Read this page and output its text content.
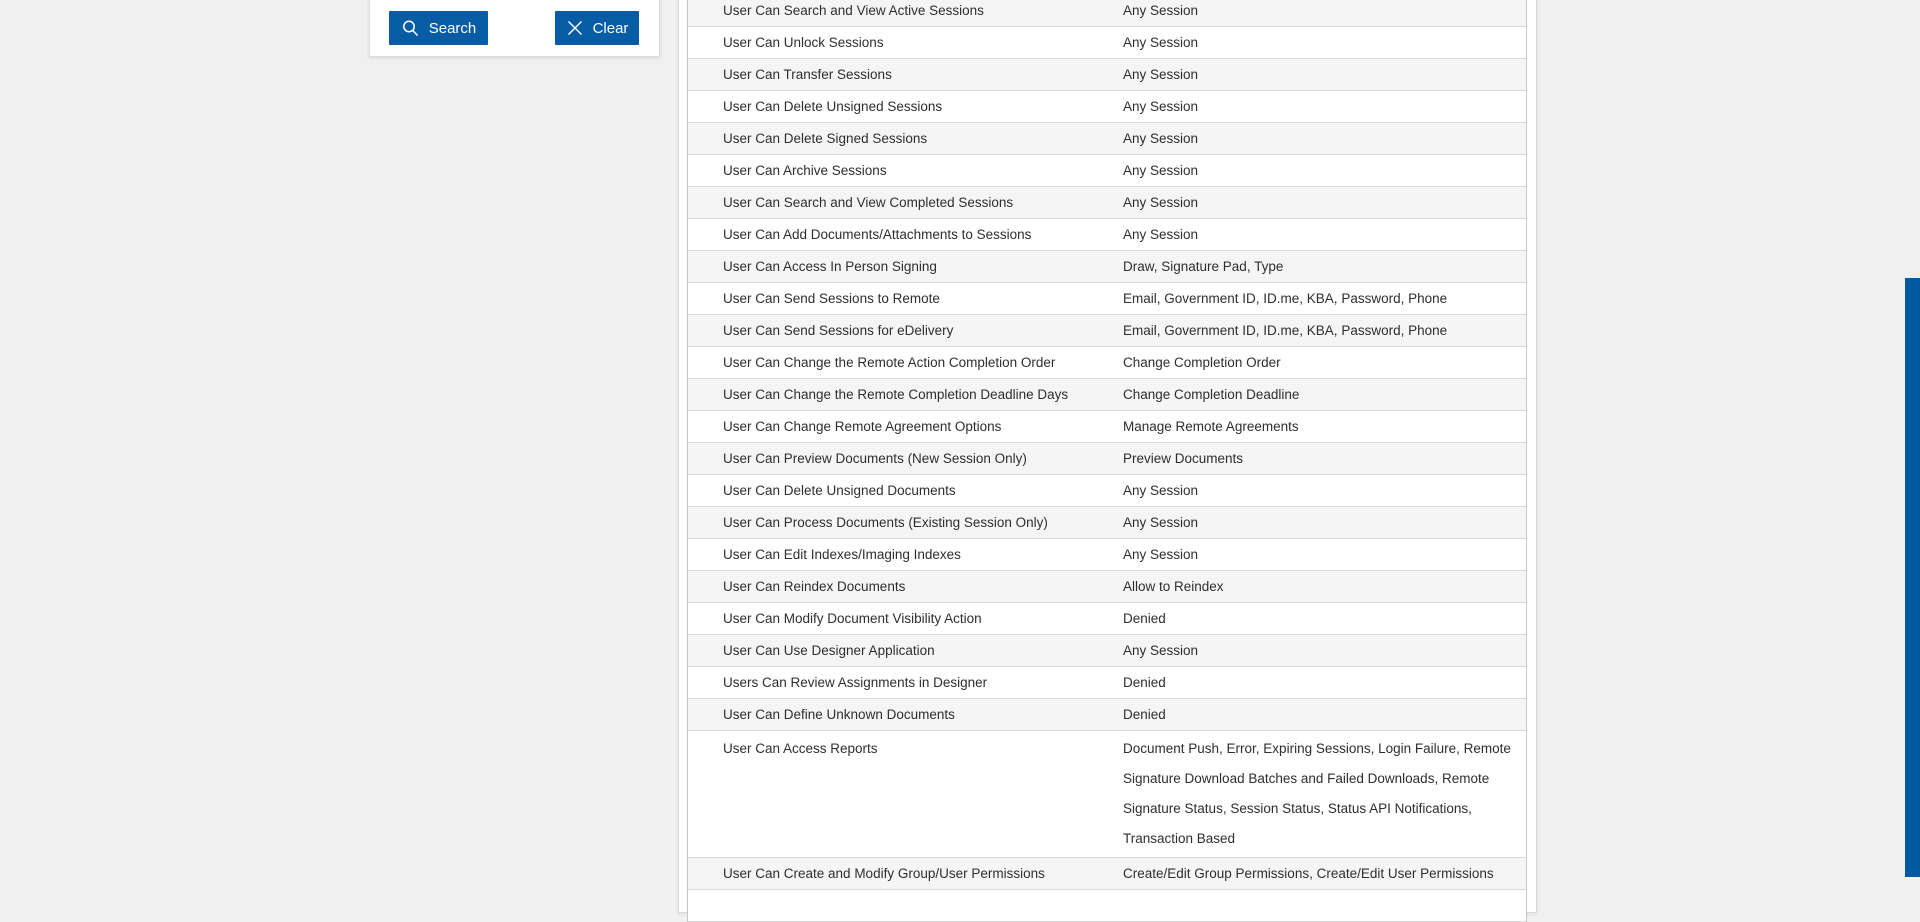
Search	Clear
User Can Search and View Active Sessions	Any Session
User Can Unlock Sessions	Any Session
User Can Transfer Sessions	Any Session
User Can Delete Unsigned Sessions	Any Session
User Can Delete Signed Sessions	Any Session
User Can Archive Sessions	Any Session
User Can Search and View Completed Sessions	Any Session
User Can Add Documents/Attachments to Sessions	Any Session
User Can Access In Person Signing	Draw, Signature Pad, Type
User Can Send Sessions to Remote	Email, Government ID, ID.me, KBA, Password, Phone
User Can Send Sessions for eDelivery	Email, Government ID, ID.me, KBA, Password, Phone
User Can Change the Remote Action Completion Order	Change Completion Order
User Can Change the Remote Completion Deadline Days	Change Completion Deadline
User Can Change Remote Agreement Options	Manage Remote Agreements
User Can Preview Documents (New Session Only)	Preview Documents
User Can Delete Unsigned Documents	Any Session
User Can Process Documents (Existing Session Only)	Any Session
User Can Edit Indexes/Imaging Indexes	Any Session
User Can Reindex Documents	Allow to Reindex
User Can Modify Document Visibility Action	Denied
User Can Use Designer Application	Any Session
Users Can Review Assignments in Designer	Denied
User Can Define Unknown Documents	Denied
User Can Access Reports	Document Push, Error, Expiring Sessions, Login Failure, Remote
Signature Download Batches and Failed Downloads, Remote
Signature Status, Session Status, Status API Notifications,
Transaction Based
User Can Create and Modify Group/User Permissions	Create/Edit Group Permissions, Create/Edit User Permissions
